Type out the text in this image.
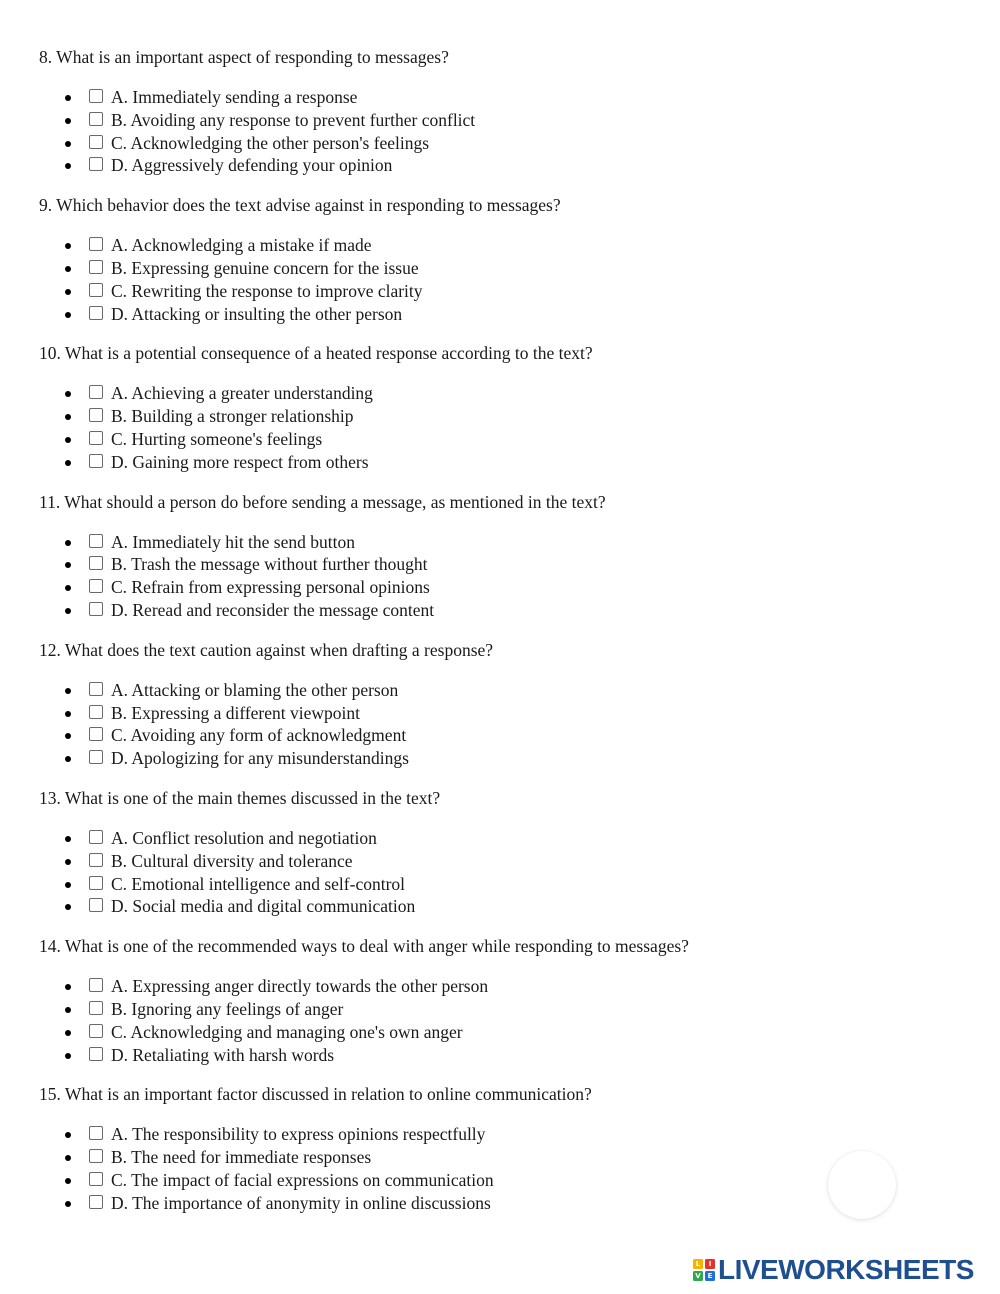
8. What is an important aspect of responding to messages?

A. Immediately sending a response
B. Avoiding any response to prevent further conflict
C. Acknowledging the other person's feelings
D. Aggressively defending your opinion

9. Which behavior does the text advise against in responding to messages?

A. Acknowledging a mistake if made
B. Expressing genuine concern for the issue
C. Rewriting the response to improve clarity
D. Attacking or insulting the other person

10. What is a potential consequence of a heated response according to the text?

A. Achieving a greater understanding
B. Building a stronger relationship
C. Hurting someone's feelings
D. Gaining more respect from others

11. What should a person do before sending a message, as mentioned in the text?

A. Immediately hit the send button
B. Trash the message without further thought
C. Refrain from expressing personal opinions
D. Reread and reconsider the message content

12. What does the text caution against when drafting a response?

A. Attacking or blaming the other person
B. Expressing a different viewpoint
C. Avoiding any form of acknowledgment
D. Apologizing for any misunderstandings

13. What is one of the main themes discussed in the text?

A. Conflict resolution and negotiation
B. Cultural diversity and tolerance
C. Emotional intelligence and self-control
D. Social media and digital communication

14. What is one of the recommended ways to deal with anger while responding to messages?

A. Expressing anger directly towards the other person
B. Ignoring any feelings of anger
C. Acknowledging and managing one's own anger
D. Retaliating with harsh words

15. What is an important factor discussed in relation to online communication?

A. The responsibility to express opinions respectfully
B. The need for immediate responses
C. The impact of facial expressions on communication
D. The importance of anonymity in online discussions
L	I
V E LIVEWORKSHEETS
